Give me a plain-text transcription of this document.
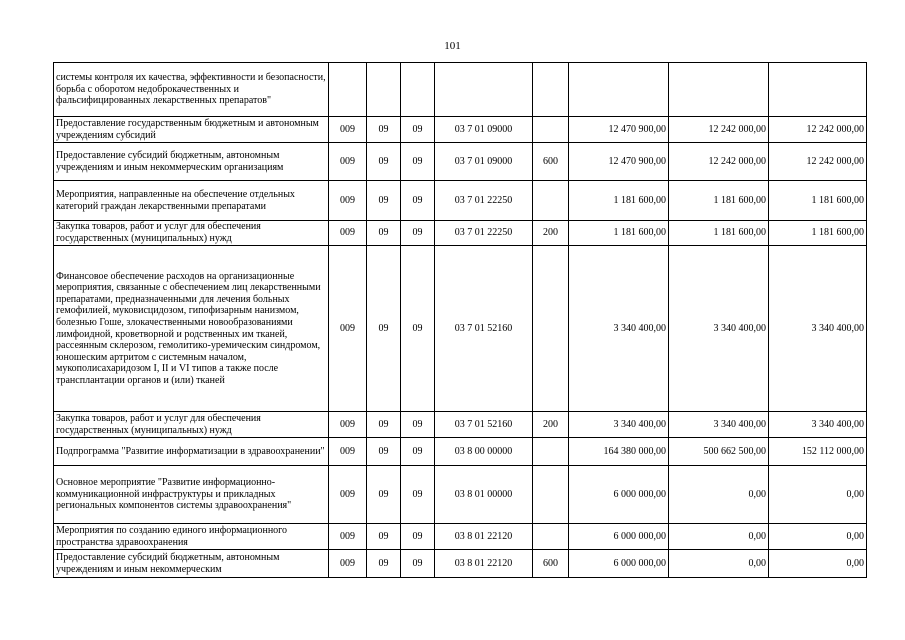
101
системы контроля их качества, эффективности и безопасности, борьба с оборотом недоброкачественных и фальсифицированных лекарственных препаратов"								
Предоставление государственным бюджетным и автономным учреждениям субсидий	009	09	09	03 7 01 09000		12 470 900,00	12 242 000,00	12 242 000,00
Предоставление субсидий бюджетным, автономным учреждениям и иным некоммерческим организациям	009	09	09	03 7 01 09000	600	12 470 900,00	12 242 000,00	12 242 000,00
Мероприятия, направленные на обеспечение отдельных категорий граждан лекарственными препаратами	009	09	09	03 7 01 22250		1 181 600,00	1 181 600,00	1 181 600,00
Закупка товаров, работ и услуг для обеспечения государственных (муниципальных) нужд	009	09	09	03 7 01 22250	200	1 181 600,00	1 181 600,00	1 181 600,00
Финансовое обеспечение расходов на организационные мероприятия, связанные с обеспечением лиц лекарственными препаратами, предназначенными для лечения больных гемофилией, муковисцидозом, гипофизарным нанизмом, болезнью Гоше, злокачественными новообразованиями лимфоидной, кроветворной и родственных им тканей, рассеянным склерозом, гемолитико-уремическим синдромом, юношеским артритом с системным началом, мукополисахаридозом I, II и VI типов а также после трансплантации органов и (или) тканей	009	09	09	03 7 01 52160		3 340 400,00	3 340 400,00	3 340 400,00
Закупка товаров, работ и услуг для обеспечения государственных (муниципальных) нужд	009	09	09	03 7 01 52160	200	3 340 400,00	3 340 400,00	3 340 400,00
Подпрограмма "Развитие информатизации в здравоохранении"	009	09	09	03 8 00 00000		164 380 000,00	500 662 500,00	152 112 000,00
Основное мероприятие "Развитие информационно-коммуникационной инфраструктуры и прикладных региональных компонентов системы здравоохранения"	009	09	09	03 8 01 00000		6 000 000,00	0,00	0,00
Мероприятия по созданию единого информационного пространства здравоохранения	009	09	09	03 8 01 22120		6 000 000,00	0,00	0,00
Предоставление субсидий бюджетным, автономным учреждениям и иным некоммерческим	009	09	09	03 8 01 22120	600	6 000 000,00	0,00	0,00
